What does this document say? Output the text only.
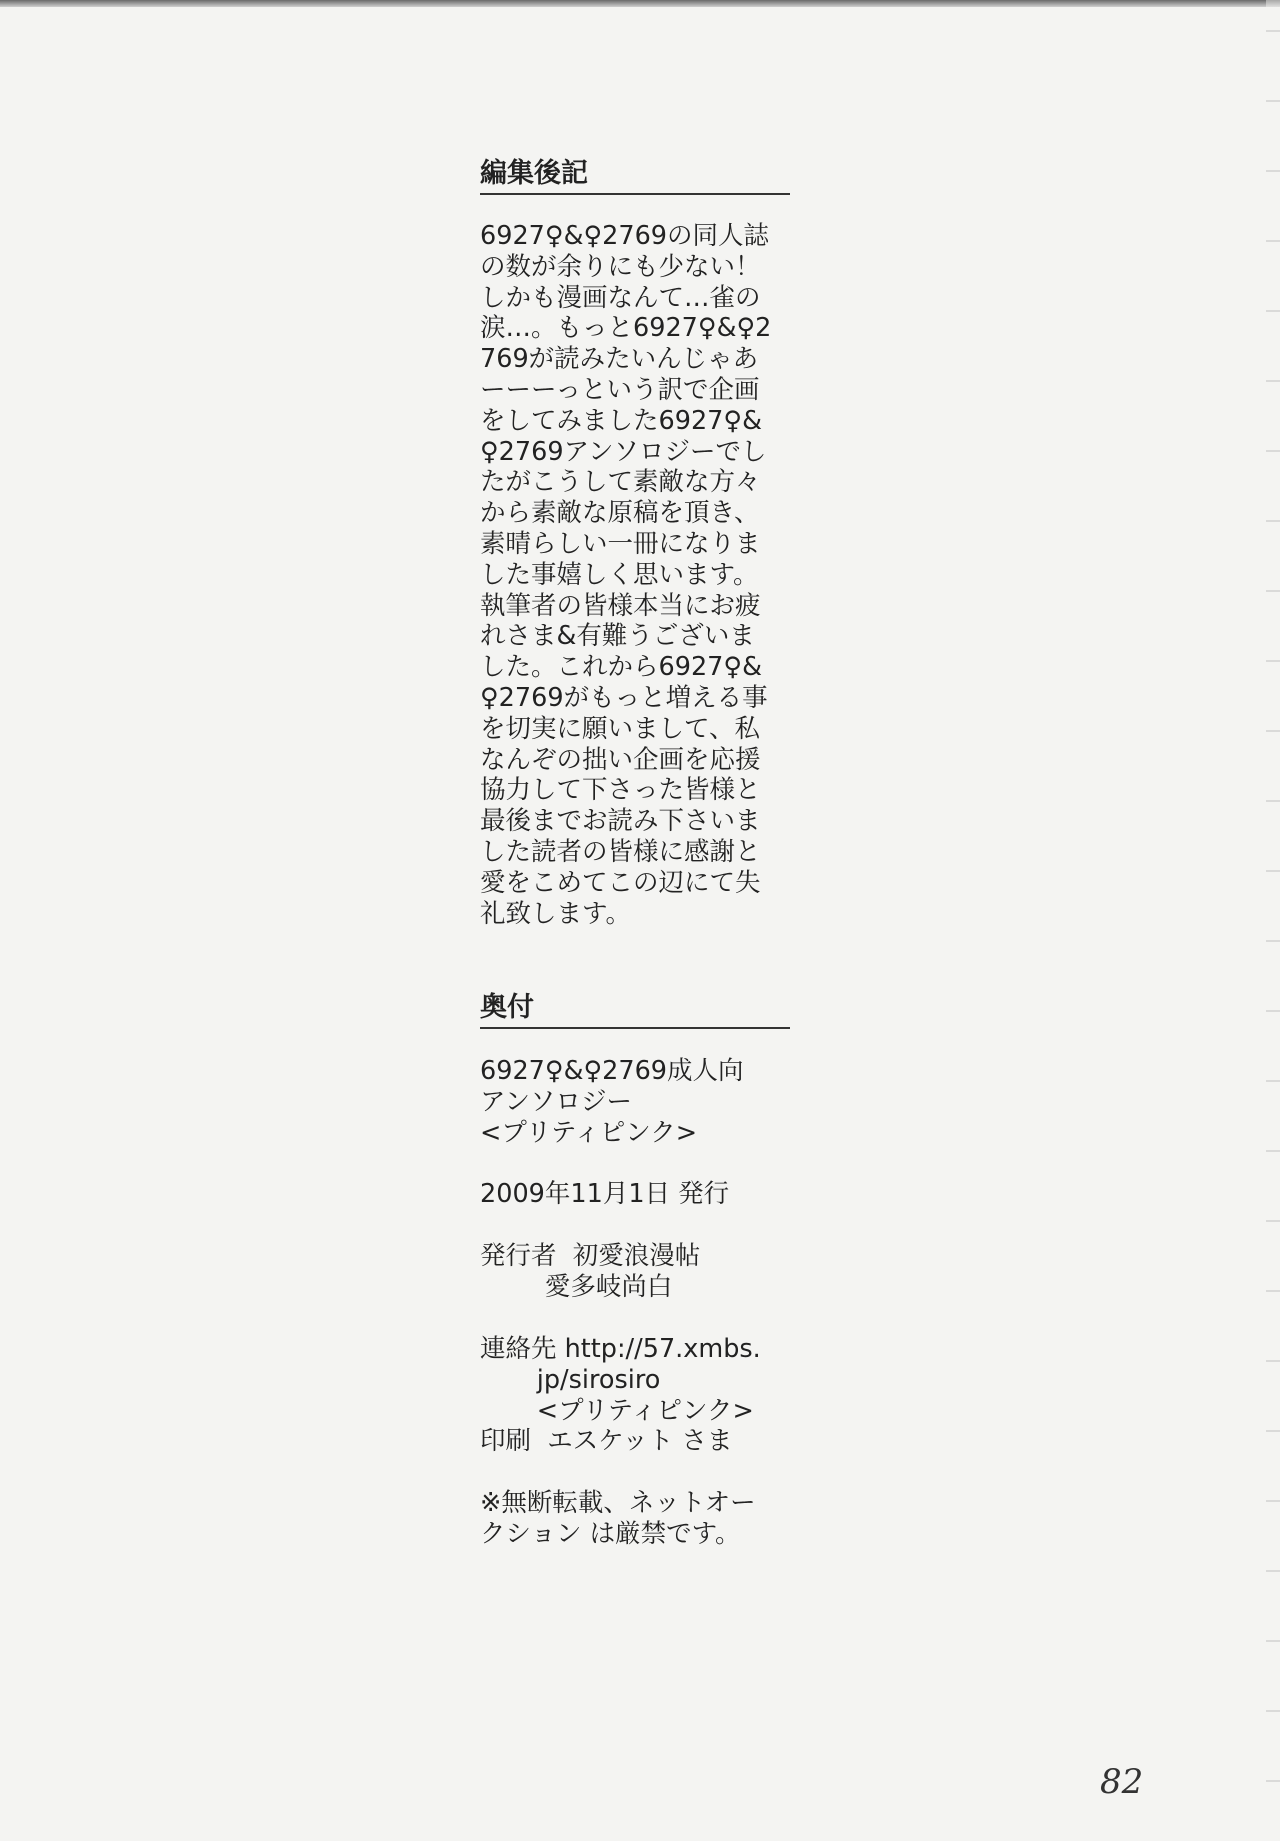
編集後記

6927♀&♀2769の同人誌

の数が余りにも少ない！

しかも漫画なんて…雀の

涙…。もっと6927♀&♀2

769が読みたいんじゃあ

ーーーっという訳で企画

をしてみました6927♀&

♀2769アンソロジーでし

たがこうして素敵な方々

から素敵な原稿を頂き、

素晴らしい一冊になりま

した事嬉しく思います。

執筆者の皆様本当にお疲

れさま&有難うございま

した。これから6927♀&

♀2769がもっと増える事

を切実に願いまして、私

なんぞの拙い企画を応援

協力して下さった皆様と

最後までお読み下さいま

した読者の皆様に感謝と

愛をこめてこの辺にて失

礼致します。

奥付

6927♀&♀2769成人向

アンソロジー

<プリティピンク>

2009年11月1日 発行

発行者  初愛浪漫帖

愛多岐尚白

連絡先 http://57.xmbs.

jp/sirosiro

<プリティピンク>

印刷  エスケット さま

※無断転載、ネットオー

クション は厳禁です。

82
